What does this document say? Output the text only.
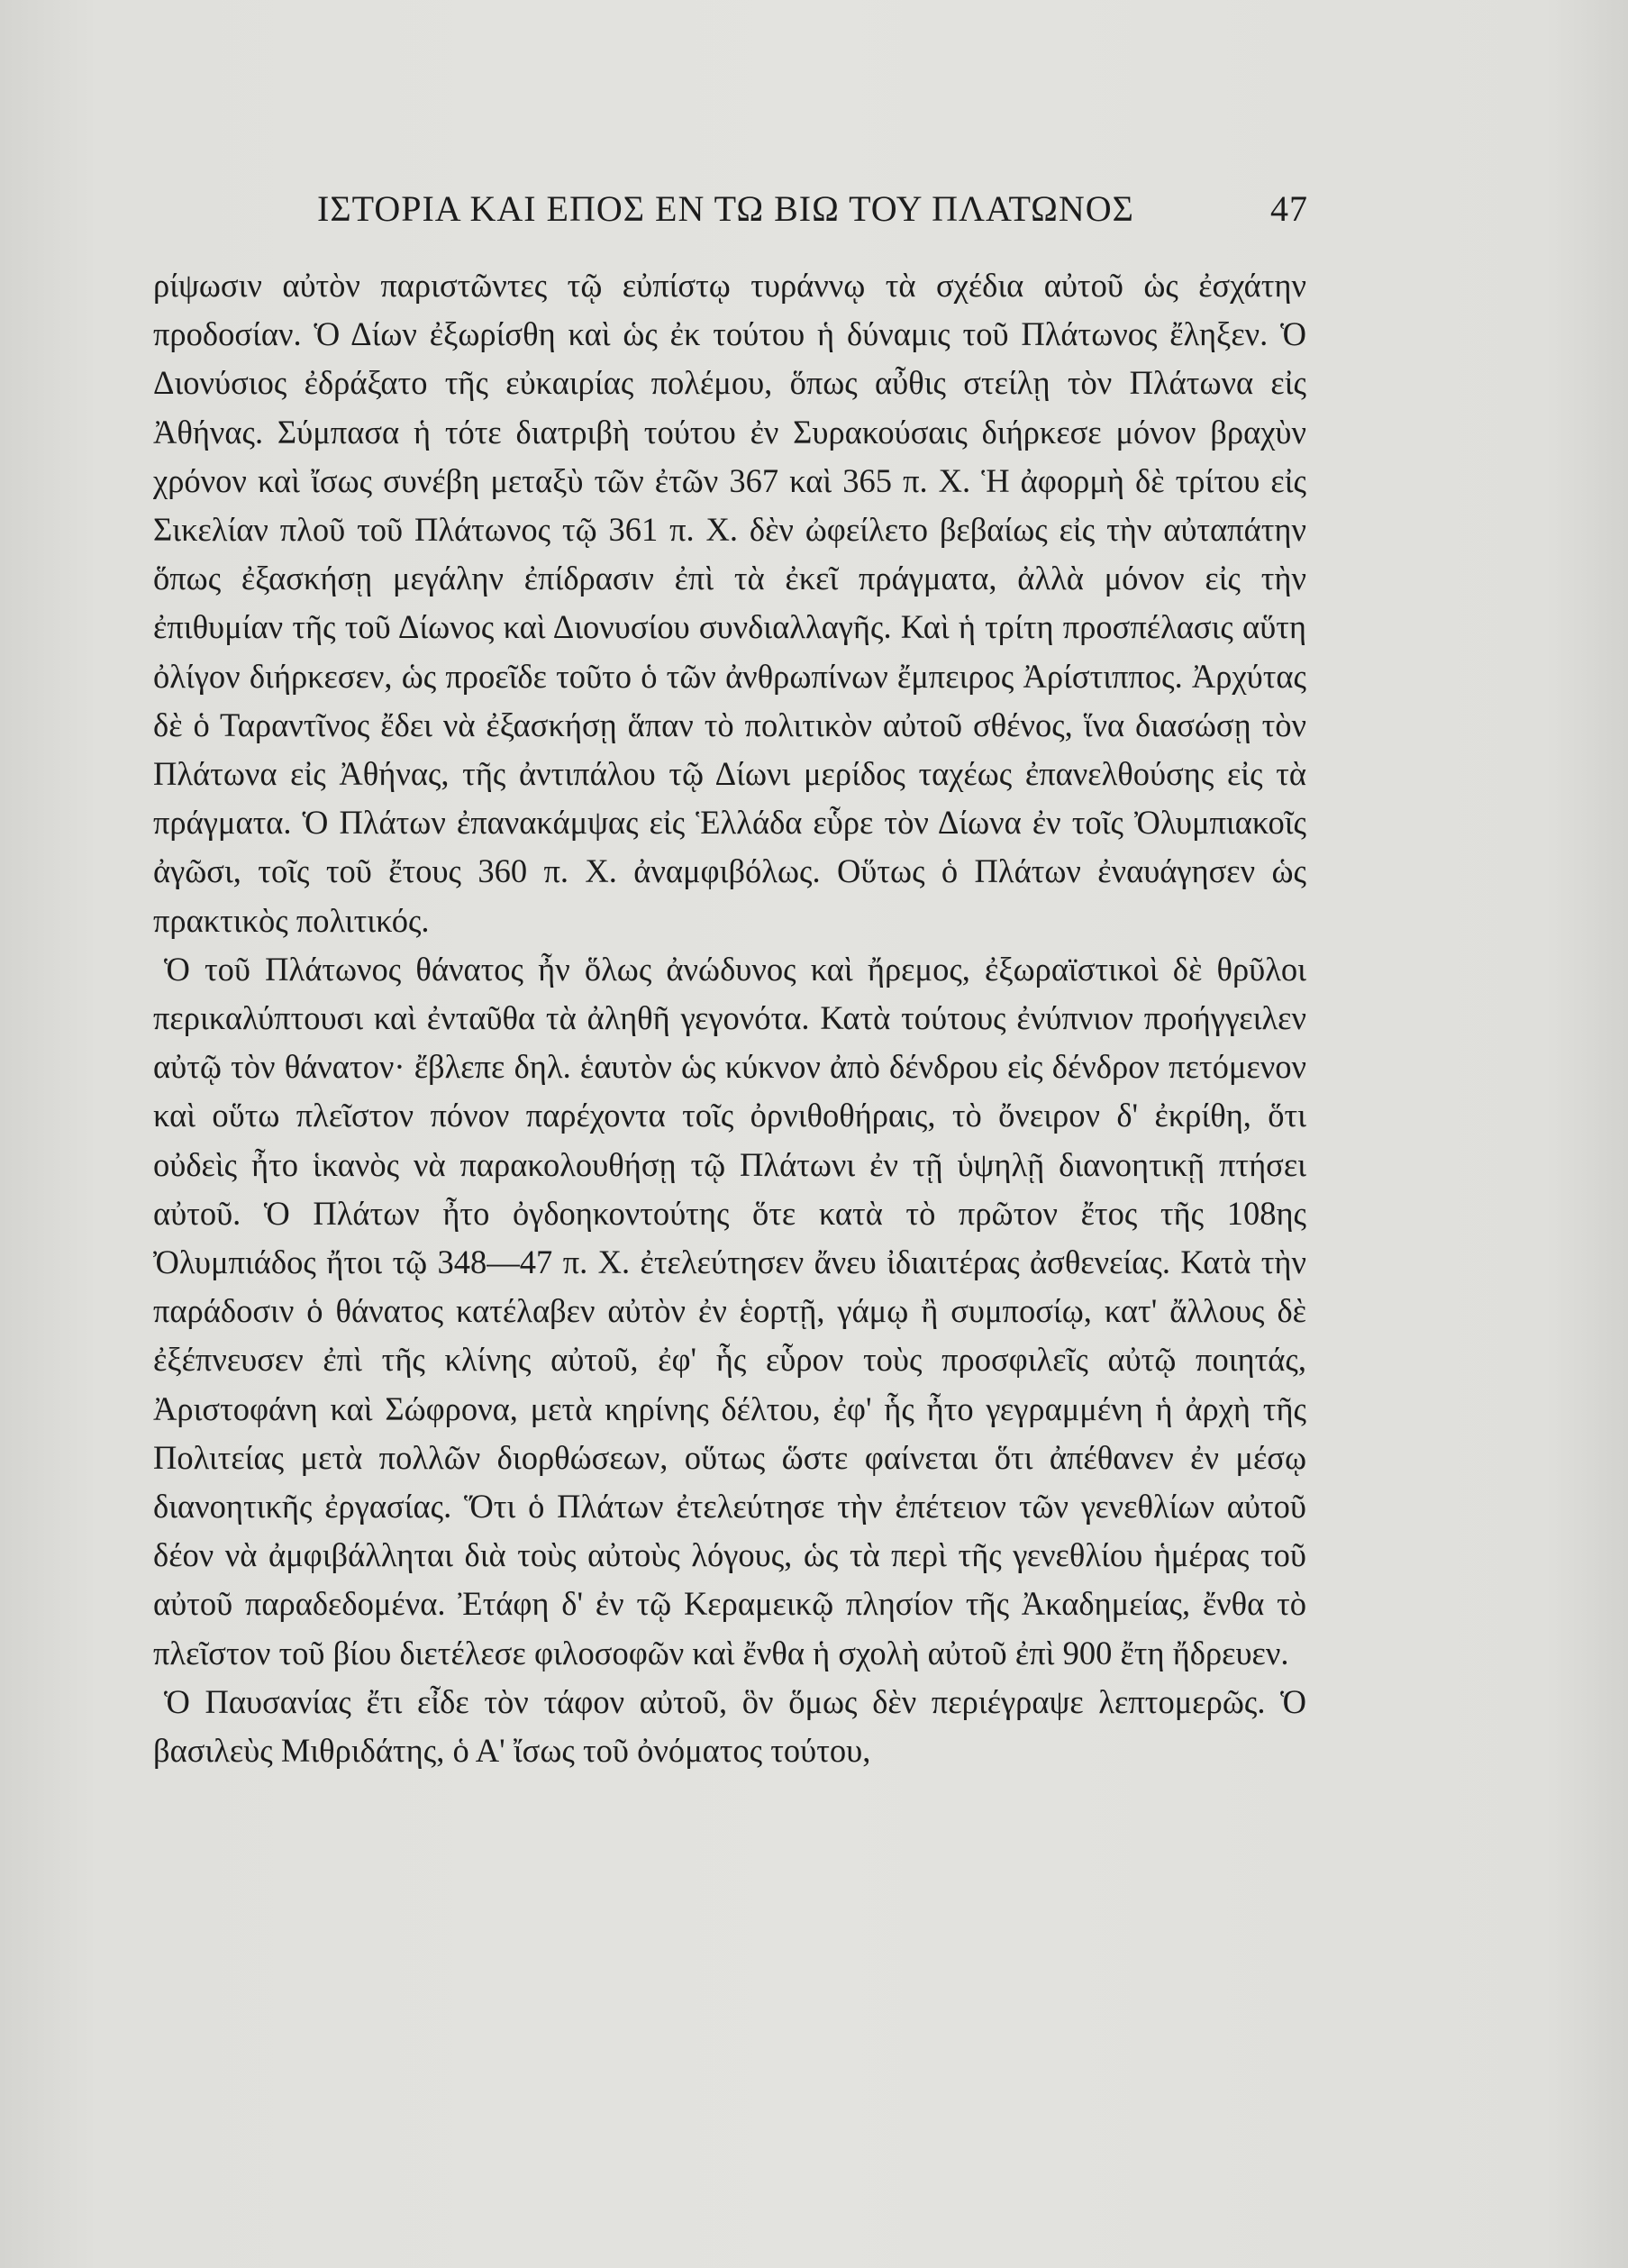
ΙΣΤΟΡΙΑ ΚΑΙ ΕΠΟΣ ΕΝ ΤΩ ΒΙΩ ΤΟΥ ΠΛΑΤΩΝΟΣ	47

ρίψωσιν αὐτὸν παριστῶντες τῷ εὐπίστῳ τυράννῳ τὰ σχέδια αὐτοῦ ὡς ἐσχάτην προδοσίαν. Ὁ Δίων ἐξωρίσθη καὶ ὡς ἐκ τούτου ἡ δύναμις τοῦ Πλάτωνος ἔληξεν. Ὁ Διονύσιος ἐδράξατο τῆς εὐκαιρίας πολέμου, ὅπως αὖθις στείλῃ τὸν Πλάτωνα εἰς Ἀθήνας. Σύμπασα ἡ τότε διατριβὴ τούτου ἐν Συρακούσαις διήρκεσε μόνον βραχὺν χρόνον καὶ ἴσως συνέβη μεταξὺ τῶν ἐτῶν 367 καὶ 365 π. Χ. Ἡ ἀφορμὴ δὲ τρίτου εἰς Σικελίαν πλοῦ τοῦ Πλάτωνος τῷ 361 π. Χ. δὲν ὠφείλετο βεβαίως εἰς τὴν αὐταπάτην ὅπως ἐξασκήσῃ μεγάλην ἐπίδρασιν ἐπὶ τὰ ἐκεῖ πράγματα, ἀλλὰ μόνον εἰς τὴν ἐπιθυμίαν τῆς τοῦ Δίωνος καὶ Διονυσίου συνδιαλλαγῆς. Καὶ ἡ τρίτη προσπέλασις αὕτη ὀλίγον διήρκεσεν, ὡς προεῖδε τοῦτο ὁ τῶν ἀνθρωπίνων ἔμπειρος Ἀρίστιππος. Ἀρχύτας δὲ ὁ Ταραντῖνος ἔδει νὰ ἐξασκήσῃ ἅπαν τὸ πολιτικὸν αὐτοῦ σθένος, ἵνα διασώσῃ τὸν Πλάτωνα εἰς Ἀθήνας, τῆς ἀντιπάλου τῷ Δίωνι μερίδος ταχέως ἐπανελθούσης εἰς τὰ πράγματα. Ὁ Πλάτων ἐπανακάμψας εἰς Ἑλλάδα εὗρε τὸν Δίωνα ἐν τοῖς Ὀλυμπιακοῖς ἀγῶσι, τοῖς τοῦ ἔτους 360 π. Χ. ἀναμφιβόλως. Οὕτως ὁ Πλάτων ἐναυάγησεν ὡς πρακτικὸς πολιτικός.

Ὁ τοῦ Πλάτωνος θάνατος ἦν ὅλως ἀνώδυνος καὶ ἤρεμος, ἐξωραϊστικοὶ δὲ θρῦλοι περικαλύπτουσι καὶ ἐνταῦθα τὰ ἀληθῆ γεγονότα. Κατὰ τούτους ἐνύπνιον προήγγειλεν αὐτῷ τὸν θάνατον· ἔβλεπε δηλ. ἑαυτὸν ὡς κύκνον ἀπὸ δένδρου εἰς δένδρον πετόμενον καὶ οὕτω πλεῖστον πόνον παρέχοντα τοῖς ὀρνιθοθήραις, τὸ ὄνειρον δ' ἐκρίθη, ὅτι οὐδεὶς ἦτο ἱκανὸς νὰ παρακολουθήσῃ τῷ Πλάτωνι ἐν τῇ ὑψηλῇ διανοητικῇ πτήσει αὐτοῦ. Ὁ Πλάτων ἦτο ὀγδοηκοντούτης ὅτε κατὰ τὸ πρῶτον ἔτος τῆς 108ης Ὀλυμπιάδος ἤτοι τῷ 348—47 π. Χ. ἐτελεύτησεν ἄνευ ἰδιαιτέρας ἀσθενείας. Κατὰ τὴν παράδοσιν ὁ θάνατος κατέλαβεν αὐτὸν ἐν ἑορτῇ, γάμῳ ἢ συμποσίῳ, κατ' ἄλλους δὲ ἐξέπνευσεν ἐπὶ τῆς κλίνης αὐτοῦ, ἐφ' ἧς εὗρον τοὺς προσφιλεῖς αὐτῷ ποιητάς, Ἀριστοφάνη καὶ Σώφρονα, μετὰ κηρίνης δέλτου, ἐφ' ἧς ἦτο γεγραμμένη ἡ ἀρχὴ τῆς Πολιτείας μετὰ πολλῶν διορθώσεων, οὕτως ὥστε φαίνεται ὅτι ἀπέθανεν ἐν μέσῳ διανοητικῆς ἐργασίας. Ὅτι ὁ Πλάτων ἐτελεύτησε τὴν ἐπέτειον τῶν γενεθλίων αὐτοῦ δέον νὰ ἀμφιβάλληται διὰ τοὺς αὐτοὺς λόγους, ὡς τὰ περὶ τῆς γενεθλίου ἡμέρας τοῦ αὐτοῦ παραδεδομένα. Ἐτάφη δ' ἐν τῷ Κεραμεικῷ πλησίον τῆς Ἀκαδημείας, ἔνθα τὸ πλεῖστον τοῦ βίου διετέλεσε φιλοσοφῶν καὶ ἔνθα ἡ σχολὴ αὐτοῦ ἐπὶ 900 ἔτη ἤδρευεν.

Ὁ Παυσανίας ἔτι εἶδε τὸν τάφον αὐτοῦ, ὃν ὅμως δὲν περιέγραψε λεπτομερῶς. Ὁ βασιλεὺς Μιθριδάτης, ὁ Α' ἴσως τοῦ ὀνόματος τούτου,
